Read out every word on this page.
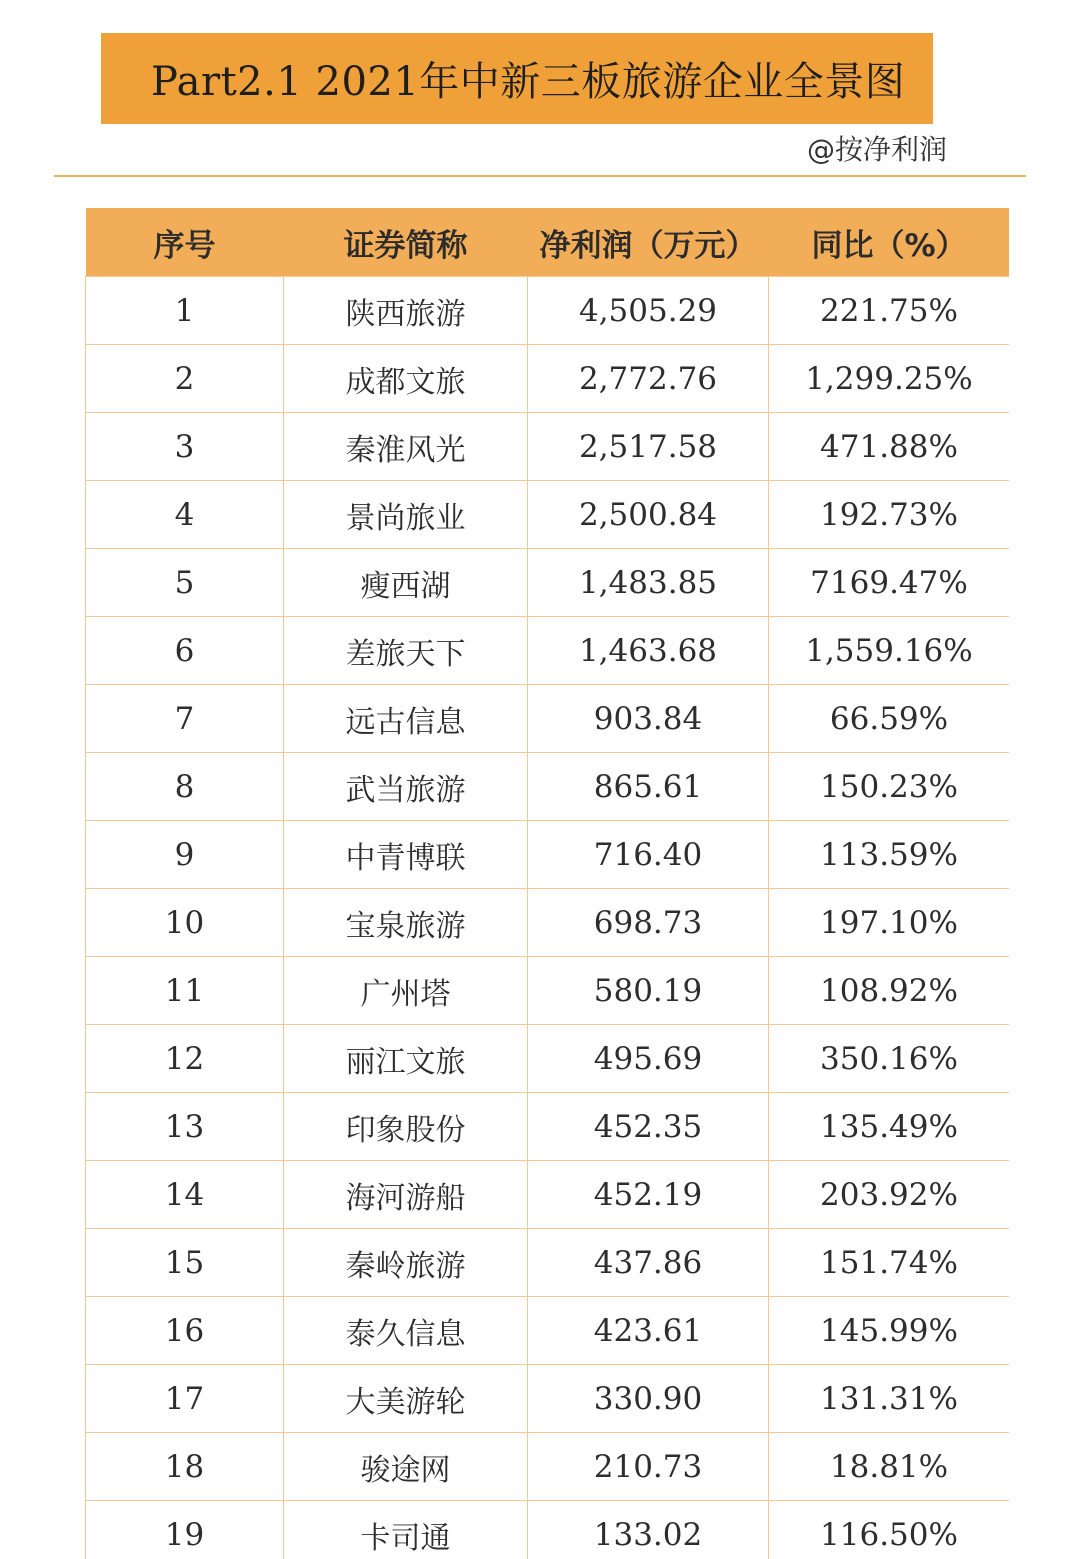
Part2.1 2021年中新三板旅游企业全景图
@按净利润
序号	证券简称	净利润（万元）	同比（%）
1	陕西旅游	4,505.29	221.75%
2	成都文旅	2,772.76	1,299.25%
3	秦淮风光	2,517.58	471.88%
4	景尚旅业	2,500.84	192.73%
5	瘦西湖	1,483.85	7169.47%
6	差旅天下	1,463.68	1,559.16%
7	远古信息	903.84	66.59%
8	武当旅游	865.61	150.23%
9	中青博联	716.40	113.59%
10	宝泉旅游	698.73	197.10%
11	广州塔	580.19	108.92%
12	丽江文旅	495.69	350.16%
13	印象股份	452.35	135.49%
14	海河游船	452.19	203.92%
15	秦岭旅游	437.86	151.74%
16	泰久信息	423.61	145.99%
17	大美游轮	330.90	131.31%
18	骏途网	210.73	18.81%
19	卡司通	133.02	116.50%
